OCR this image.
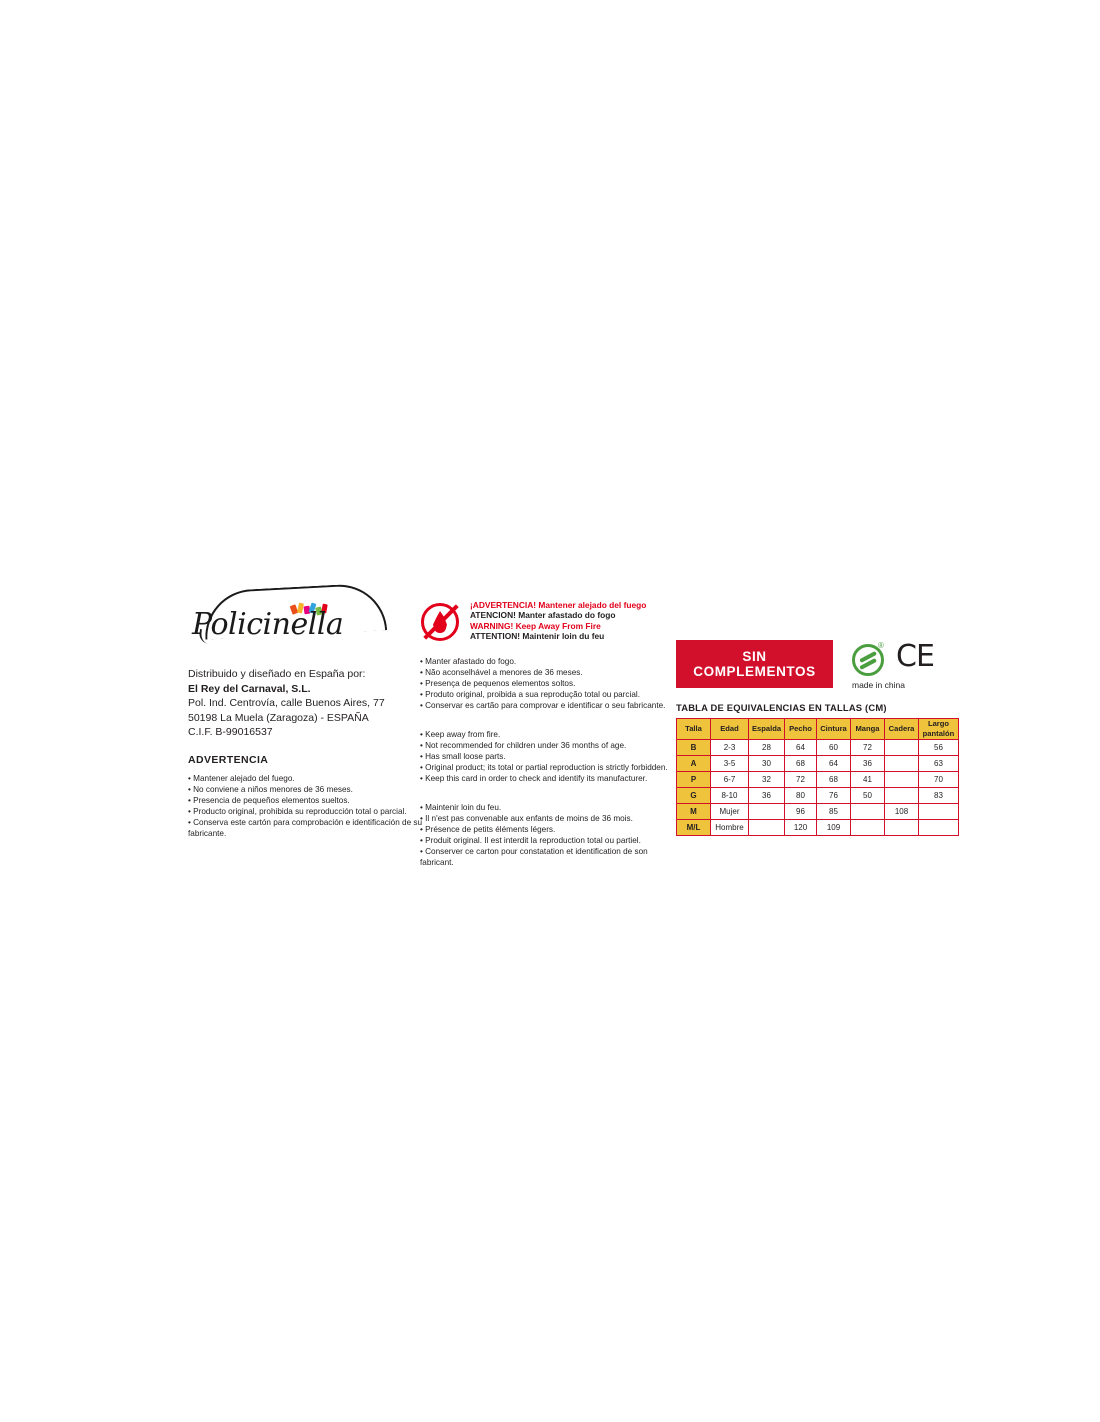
Policinella
Distribuido y diseñado en España por:
El Rey del Carnaval, S.L.
Pol. Ind. Centrovía, calle Buenos Aires, 77
50198 La Muela (Zaragoza) - ESPAÑA
C.I.F. B-99016537
ADVERTENCIA
• Mantener alejado del fuego.
• No conviene a niños menores de 36 meses.
• Presencia de pequeños elementos sueltos.
• Producto original, prohibida su reproducción total o parcial.
• Conserva este cartón para comprobación e identificación de su fabricante.
¡ADVERTENCIA! Mantener alejado del fuego
ATENCION! Manter afastado do fogo
WARNING! Keep Away From Fire
ATTENTION! Maintenir loin du feu
• Manter afastado do fogo.
• Não aconselhável a menores de 36 meses.
• Presença de pequenos elementos soltos.
• Produto original, proibida a sua reprodução total ou parcial.
• Conservar es cartão para comprovar e identificar o seu fabricante.
• Keep away from fire.
• Not recommended for children under 36 months of age.
• Has small loose parts.
• Original product; its total or partial reproduction is strictly forbidden.
• Keep this card in order to check and identify its manufacturer.
• Maintenir loin du feu.
• Il n'est pas convenable aux enfants de moins de 36 mois.
• Présence de petits éléments légers.
• Produit original. Il est interdit la reproduction total ou partiel.
• Conserver ce carton pour constatation et identification de son fabricant.
SIN COMPLEMENTOS
® CE
made in china
TABLA DE EQUIVALENCIAS EN TALLAS (CM)
Talla	Edad	Espalda	Pecho	Cintura	Manga	Cadera	Largo pantalón
B	2-3	28	64	60	72		56
A	3-5	30	68	64	36		63
P	6-7	32	72	68	41		70
G	8-10	36	80	76	50		83
M	Mujer		96	85		108	
M/L	Hombre		120	109			
